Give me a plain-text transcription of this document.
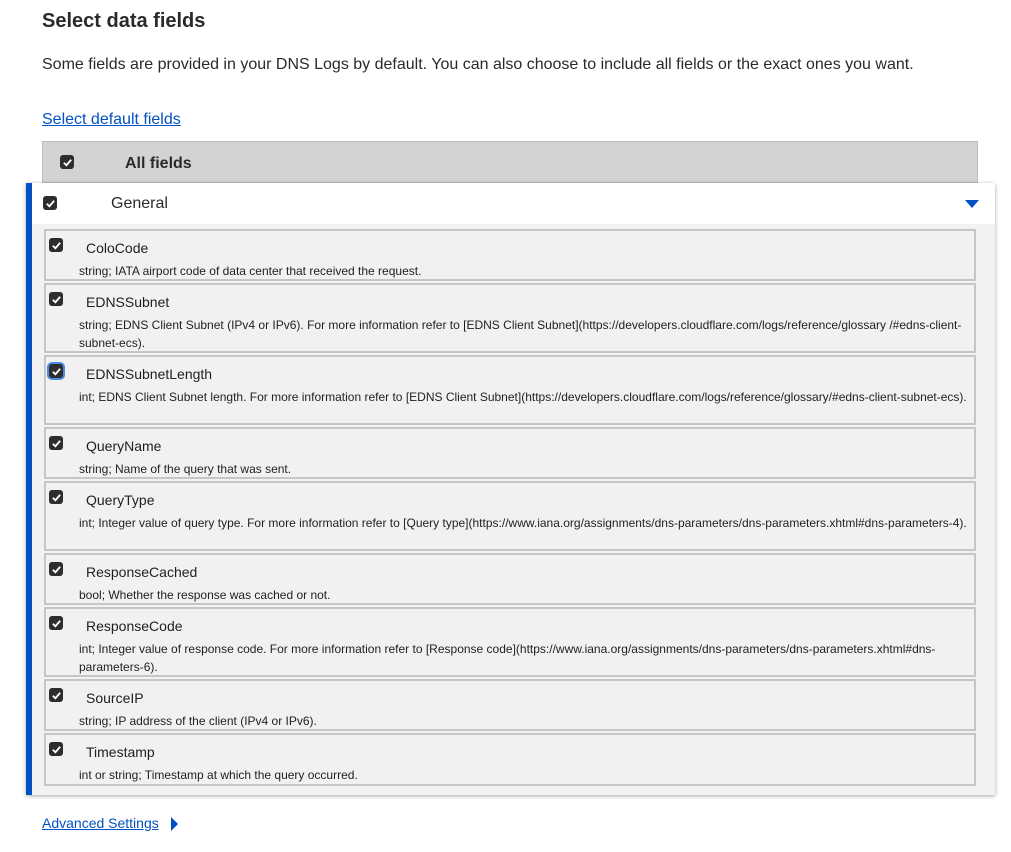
Select data fields
Some fields are provided in your DNS Logs by default. You can also choose to include all fields or the exact ones you want.
Select default fields
All fields
General
ColoCode
string; IATA airport code of data center that received the request.
EDNSSubnet
string; EDNS Client Subnet (IPv4 or IPv6). For more information refer to [EDNS Client Subnet](https://developers.cloudflare.com/logs/reference/glossary /#edns-client-subnet-ecs).
EDNSSubnetLength
int; EDNS Client Subnet length. For more information refer to [EDNS Client Subnet](https://developers.cloudflare.com/logs/reference/glossary/#edns-client-subnet-ecs).
QueryName
string; Name of the query that was sent.
QueryType
int; Integer value of query type. For more information refer to [Query type](https://www.iana.org/assignments/dns-parameters/dns-parameters.xhtml#dns-parameters-4).
ResponseCached
bool; Whether the response was cached or not.
ResponseCode
int; Integer value of response code. For more information refer to [Response code](https://www.iana.org/assignments/dns-parameters/dns-parameters.xhtml#dns-parameters-6).
SourceIP
string; IP address of the client (IPv4 or IPv6).
Timestamp
int or string; Timestamp at which the query occurred.
Advanced Settings
